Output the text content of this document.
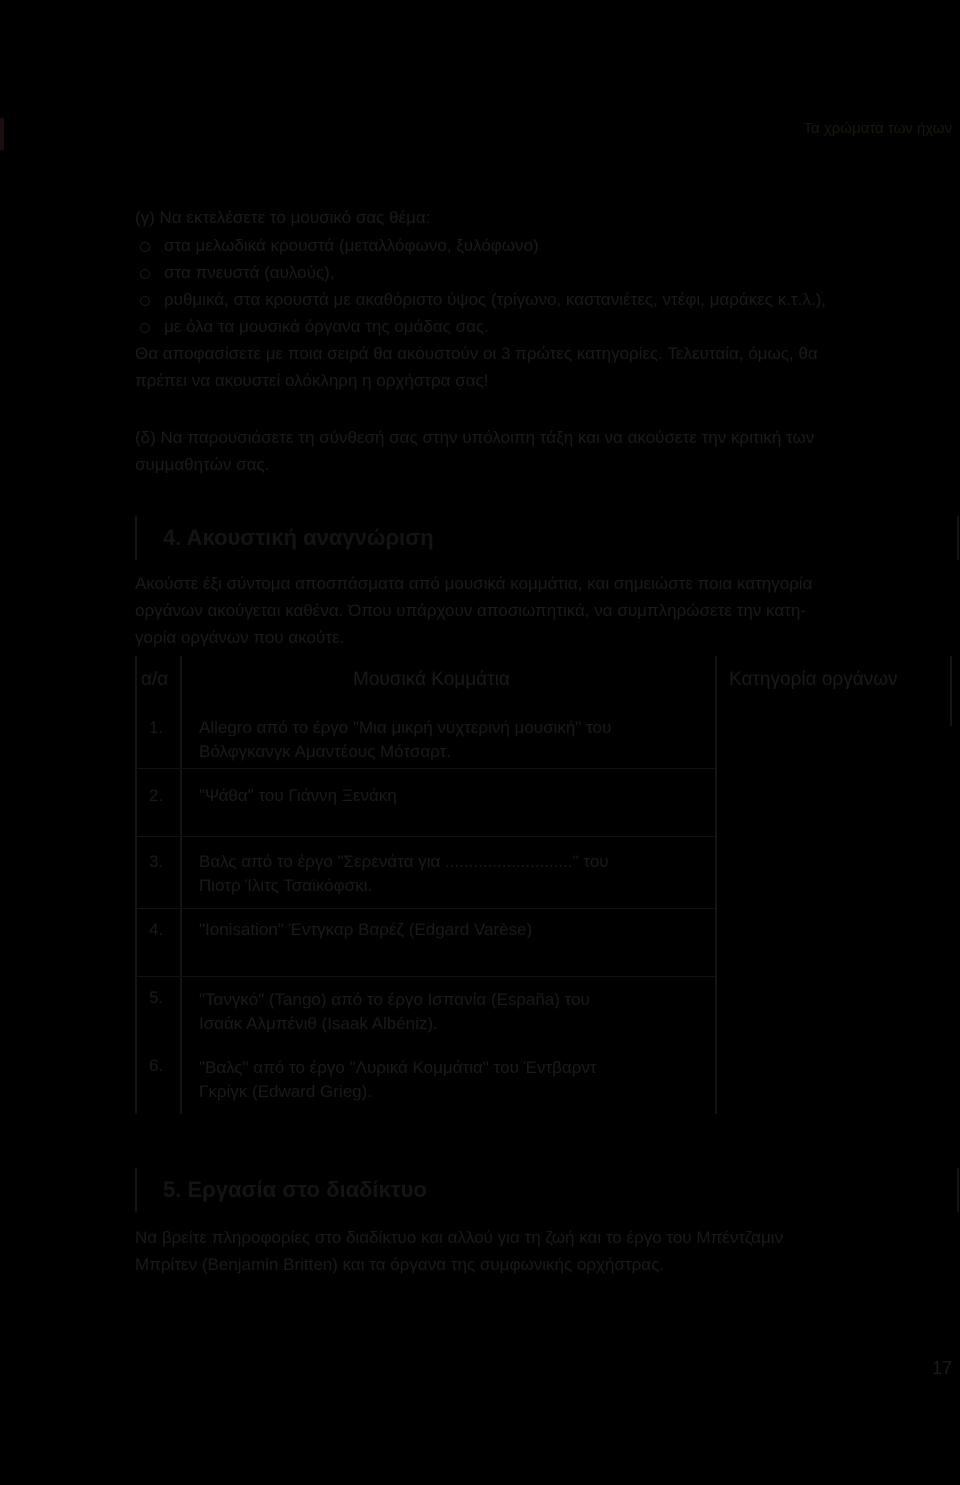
Τα χρώματα των ήχων
(γ) Να εκτελέσετε το μουσικό σας θέμα:
στα μελωδικά κρουστά (μεταλλόφωνο, ξυλόφωνο)
στα πνευστά (αυλούς),
ρυθμικά, στα κρουστά με ακαθόριστο ύψος (τρίγωνο, καστανιέτες, ντέφι, μαράκες κ.τ.λ.),
με όλα τα μουσικά όργανα της ομάδας σας.
Θα αποφασίσετε με ποια σειρά θα ακουστούν οι 3 πρώτες κατηγορίες. Τελευταία, όμως, θα
πρέπει να ακουστεί ολόκληρη η ορχήστρα σας!
(δ) Να παρουσιάσετε τη σύνθεσή σας στην υπόλοιπη τάξη και να ακούσετε την κριτική των
συμμαθητών σας.
4. Ακουστική αναγνώριση
Ακούστε έξι σύντομα αποσπάσματα από μουσικά κομμάτια, και σημειώστε ποια κατηγορία
οργάνων ακούγεται καθένα. Όπου υπάρχουν αποσιωπητικά, να συμπληρώσετε την κατη-
γορία οργάνων που ακούτε.
α/α	Μουσικά Κομμάτια	Κατηγορία οργάνων
1. Allegro από το έργο "Μια μικρή νυχτερινή μουσική" του
Βόλφγκανγκ Αμαντέους Μότσαρτ.
2. "Ψάθα" του Γιάννη Ξενάκη
3. Βαλς από το έργο "Σερενάτα για ..........................." του
Πιοτρ Ίλιτς Τσαϊκόφσκι.
4. "Ionisation" Έντγκαρ Βαρέζ (Edgard Varèse)
5. "Τανγκό" (Tango) από το έργο Ισπανία (España) του
Ισαάκ Αλμπένιθ (Isaak Albéniz).
6. "Βαλς" από το έργο "Λυρικά Κομμάτια" του Έντβαρντ
Γκρίγκ (Edward Grieg).
5. Εργασία στο διαδίκτυο
Να βρείτε πληροφορίες στο διαδίκτυο και αλλού για τη ζωή και το έργο του Μπέντζαμιν
Μπρίτεν (Benjamin Britten) και τα όργανα της συμφωνικής ορχήστρας.
17
